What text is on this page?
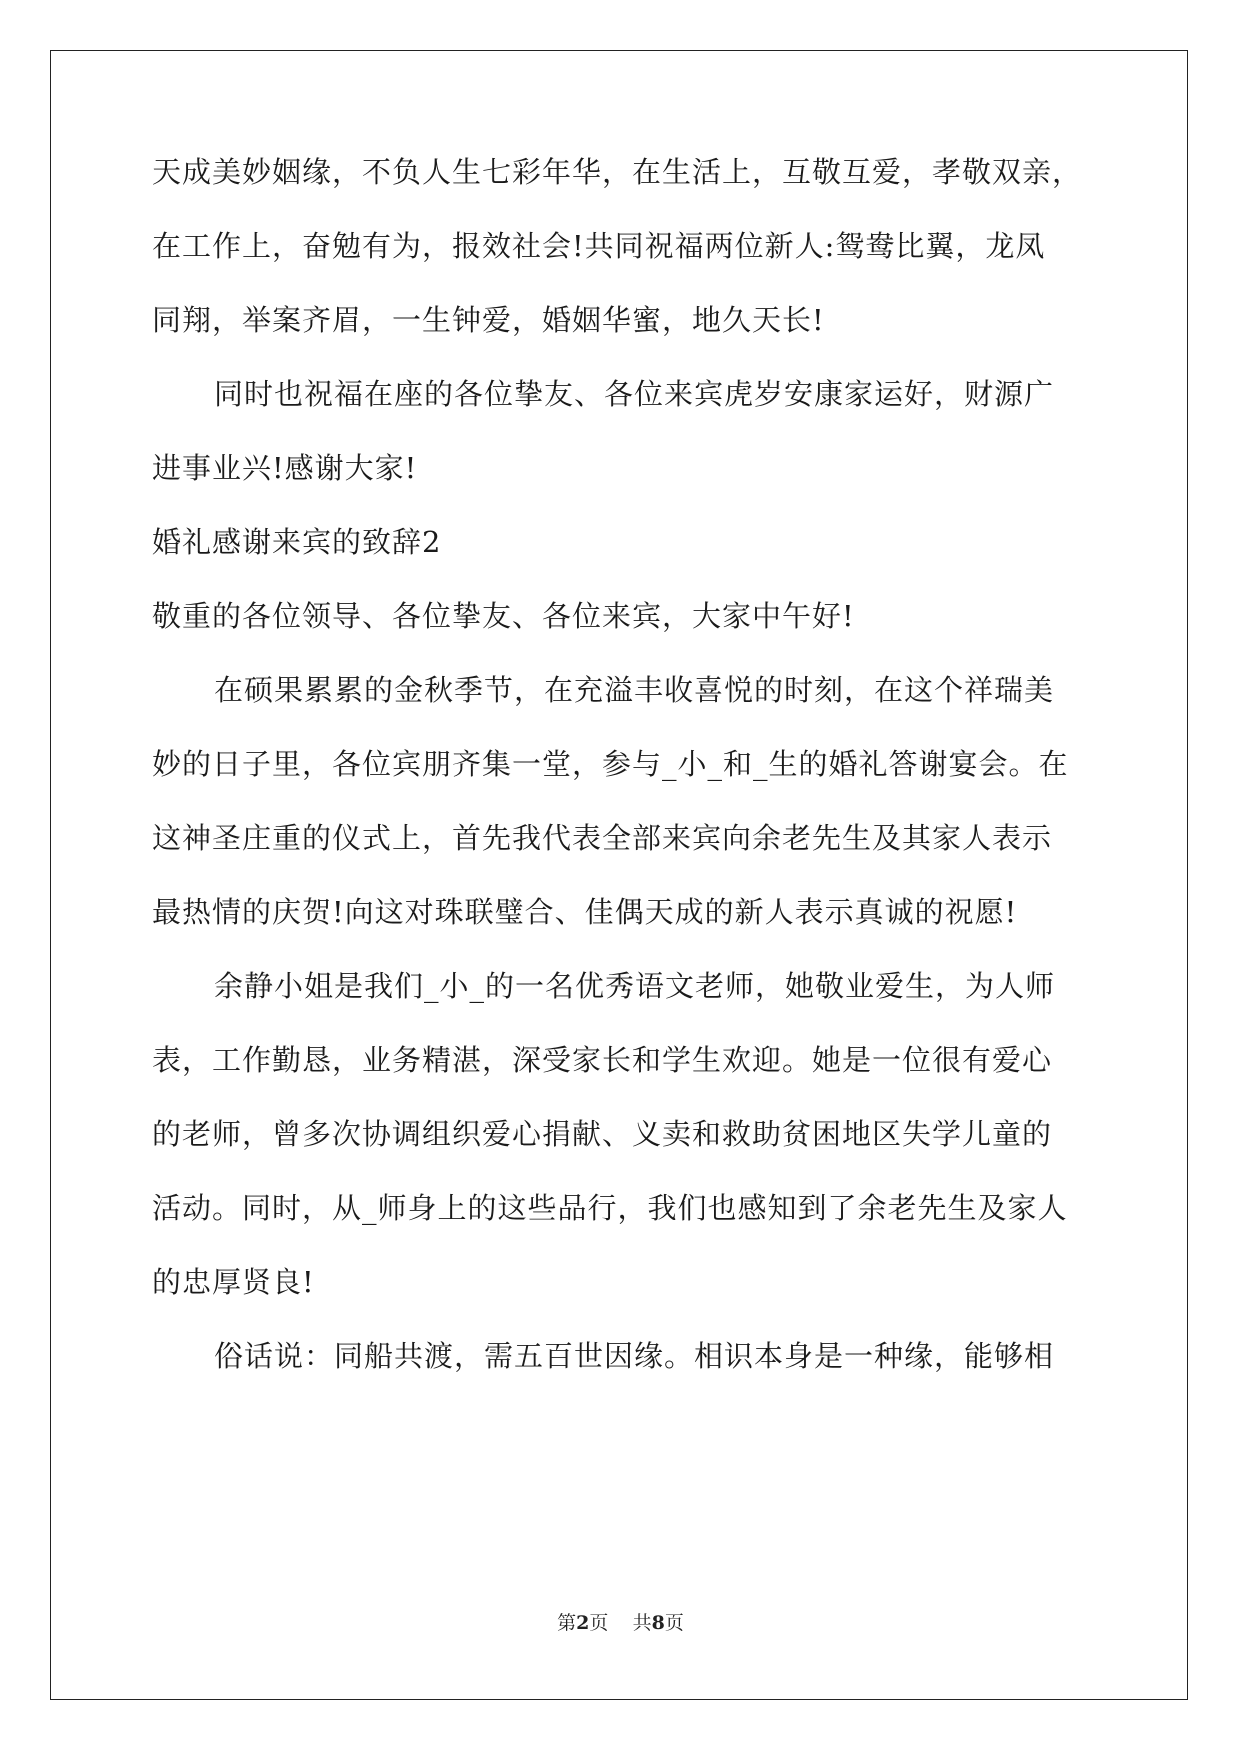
天成美妙姻缘，不负人生七彩年华，在生活上，互敬互爱，孝敬双亲，
在工作上，奋勉有为，报效社会!共同祝福两位新人:鸳鸯比翼，龙凤
同翔，举案齐眉，一生钟爱，婚姻华蜜，地久天长!
同时也祝福在座的各位挚友、各位来宾虎岁安康家运好，财源广
进事业兴!感谢大家!
婚礼感谢来宾的致辞2
敬重的各位领导、各位挚友、各位来宾，大家中午好!
在硕果累累的金秋季节，在充溢丰收喜悦的时刻，在这个祥瑞美
妙的日子里，各位宾朋齐集一堂，参与_小_和_生的婚礼答谢宴会。在
这神圣庄重的仪式上，首先我代表全部来宾向余老先生及其家人表示
最热情的庆贺!向这对珠联璧合、佳偶天成的新人表示真诚的祝愿!
余静小姐是我们_小_的一名优秀语文老师，她敬业爱生，为人师
表，工作勤恳，业务精湛，深受家长和学生欢迎。她是一位很有爱心
的老师，曾多次协调组织爱心捐献、义卖和救助贫困地区失学儿童的
活动。同时，从_师身上的这些品行，我们也感知到了余老先生及家人
的忠厚贤良!
俗话说：同船共渡，需五百世因缘。相识本身是一种缘，能够相
第2页 共8页
